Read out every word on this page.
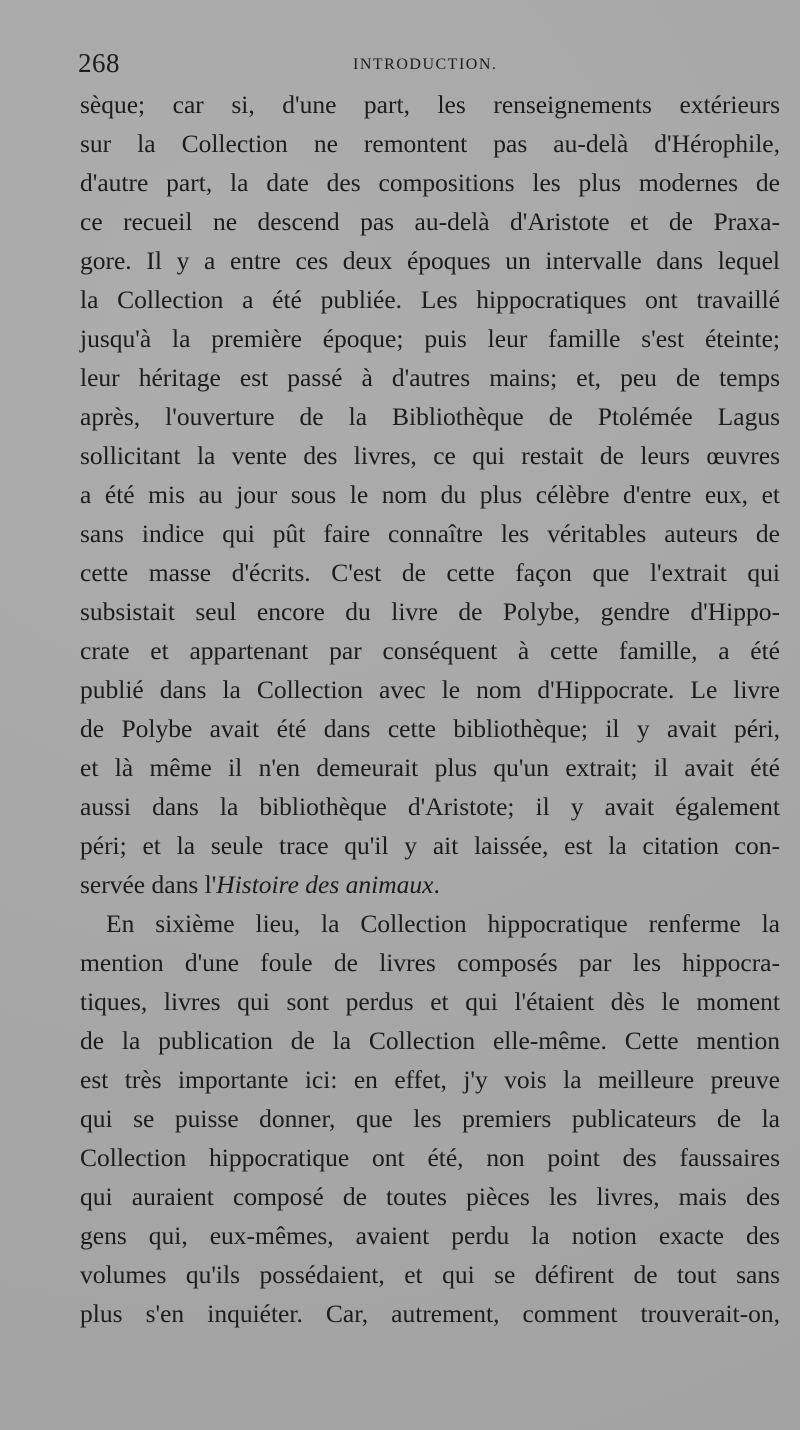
268	INTRODUCTION.
sèque; car si, d'une part, les renseignements extérieurs
sur la Collection ne remontent pas au-delà d'Hérophile,
d'autre part, la date des compositions les plus modernes de
ce recueil ne descend pas au-delà d'Aristote et de Praxa-
gore. Il y a entre ces deux époques un intervalle dans lequel
la Collection a été publiée. Les hippocratiques ont travaillé
jusqu'à la première époque; puis leur famille s'est éteinte;
leur héritage est passé à d'autres mains; et, peu de temps
après, l'ouverture de la Bibliothèque de Ptolémée Lagus
sollicitant la vente des livres, ce qui restait de leurs œuvres
a été mis au jour sous le nom du plus célèbre d'entre eux, et
sans indice qui pût faire connaître les véritables auteurs de
cette masse d'écrits. C'est de cette façon que l'extrait qui
subsistait seul encore du livre de Polybe, gendre d'Hippo-
crate et appartenant par conséquent à cette famille, a été
publié dans la Collection avec le nom d'Hippocrate. Le livre
de Polybe avait été dans cette bibliothèque; il y avait péri,
et là même il n'en demeurait plus qu'un extrait; il avait été
aussi dans la bibliothèque d'Aristote; il y avait également
péri; et la seule trace qu'il y ait laissée, est la citation con-
servée dans l'Histoire des animaux.
En sixième lieu, la Collection hippocratique renferme la
mention d'une foule de livres composés par les hippocra-
tiques, livres qui sont perdus et qui l'étaient dès le moment
de la publication de la Collection elle-même. Cette mention
est très importante ici: en effet, j'y vois la meilleure preuve
qui se puisse donner, que les premiers publicateurs de la
Collection hippocratique ont été, non point des faussaires
qui auraient composé de toutes pièces les livres, mais des
gens qui, eux-mêmes, avaient perdu la notion exacte des
volumes qu'ils possédaient, et qui se défirent de tout sans
plus s'en inquiéter. Car, autrement, comment trouverait-on,
